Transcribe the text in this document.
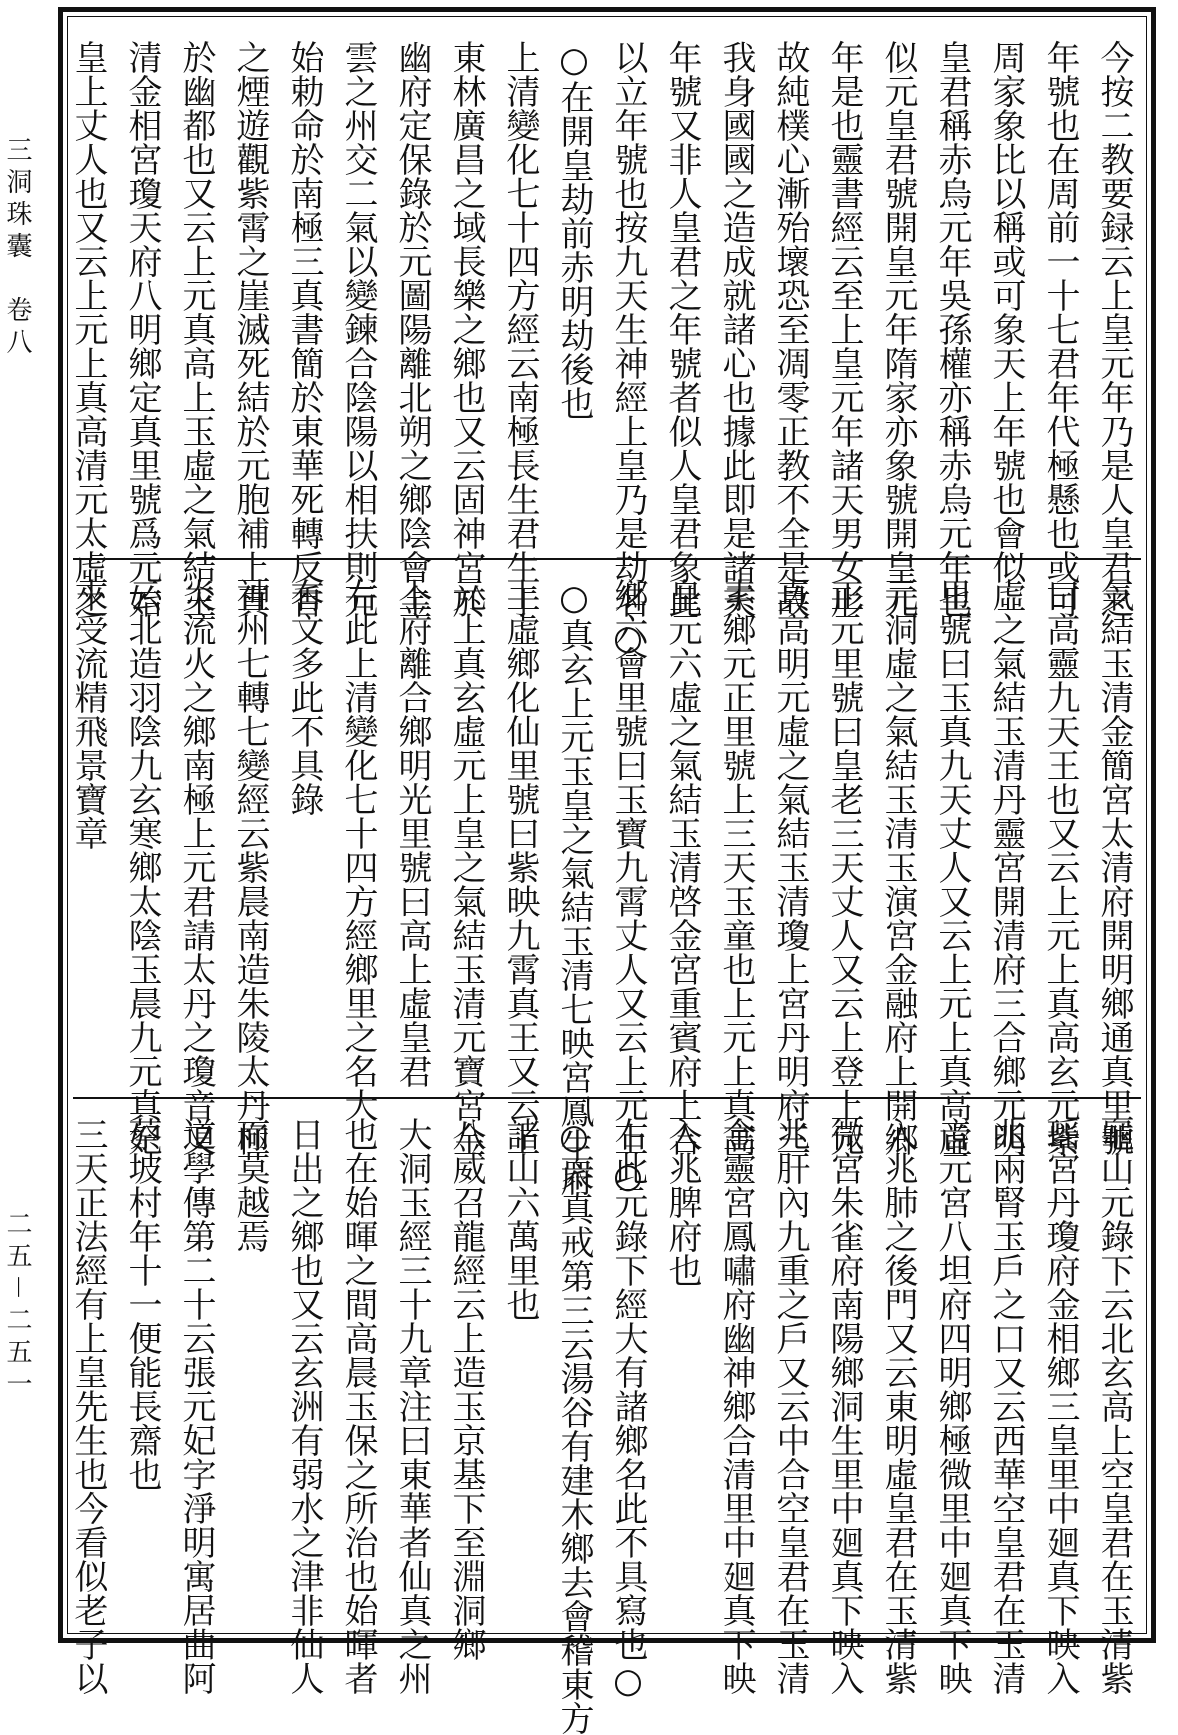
三洞珠囊　卷八
二五－二五一
今按二教要録云上皇元年乃是人皇君之
年號也在周前一十七君年代極懸也或可
周家象比以稱或可象天上年號也會似
皇君稱赤烏元年吳孫權亦稱赤烏元年也
似元皇君號開皇元年隋家亦象號開皇元
年是也靈書經云至上皇元年諸天男女形
故純樸心漸殆壞恐至凋零正教不全是故
我身國國之造成就諸心也據此即是諸天
年號又非人皇君之年號者似人皇君象此
以立年號也按九天生神經上皇乃是劫名○
○在開皇劫前赤明劫後也
上清變化七十四方經云南極長生君生于
東林廣昌之域長樂之鄉也又云固神宮於
幽府定保錄於元圖陽離北朔之鄉陰會金
雲之州交二氣以變鍊合陰陽以相扶則元
始勅命於南極三真書簡於東華死轉反香
之煙遊觀紫霄之崖滅死結於元胞補上真
於幽都也又云上元真高上玉虛之氣結玉
清金相宮瓊天府八明鄉定真里號爲元始
皇上丈人也又云上元上真高清元太虛之
氣結玉清金簡宮太清府開明鄉通真里號
曰高靈九天王也又云上元上真高玄元紫
虛之氣結玉清丹靈宮開清府三合鄉元明
里號曰玉真九天丈人又云上元上真高虛
元洞虛之氣結玉清玉演宮金融府上開鄉
正元里號曰皇老三天丈人又云上登上元
真高明元虛之氣結玉清瓊上宮丹明府三
素鄉元正里號上三天玉童也上元上真高
皇元六虛之氣結玉清啓金宮重賓府上合
鄉六會里號曰玉寶九霄丈人又云上元上○
○真玄上元玉皇之氣結玉清七映宮鳳生府
上虛鄉化仙里號曰紫映九霄真王又云上
元上真玄虛元上皇之氣結玉清元寶宮金
上府離合鄉明光里號曰高上虛皇君
右此上清變化七十四方經鄉里之名大
有文多此不具錄
神州七轉七變經云紫晨南造朱陵太丹極
炎流火之鄉南極上元君請太丹之瓊音又
云北造羽陰九玄寒鄉太陰玉晨九元真妃
來受流精飛景寶章
龜山元錄下云北玄高上空皇君在玉清紫
瑶宮丹瓊府金相鄉三皇里中廻真下映入
兆兩腎玉戶之口又云西華空皇君在玉清
音元宮八坦府四明鄉極微里中廻真下映
入兆肺之後門又云東明虛皇君在玉清紫
微宮朱雀府南陽鄉洞生里中廻真下映入
兆肝內九重之戶又云中合空皇君在玉清
金靈宮鳳嘯府幽神鄉合清里中廻真下映
入兆脾府也
右此元錄下經大有諸鄉名此不具寫也○
○衆真戒第三云湯谷有建木鄉去會稽東方
諸山六萬里也
八威召龍經云上造玉京基下至淵洞鄉
大洞玉經三十九章注曰東華者仙真之州
也在始暉之間高晨玉保之所治也始暉者
日出之鄉也又云玄洲有弱水之津非仙人
而莫越焉
道學傳第二十云張元妃字淨明寓居曲阿
蔡坡村年十一便能長齋也
三天正法經有上皇先生也今看似老子以
